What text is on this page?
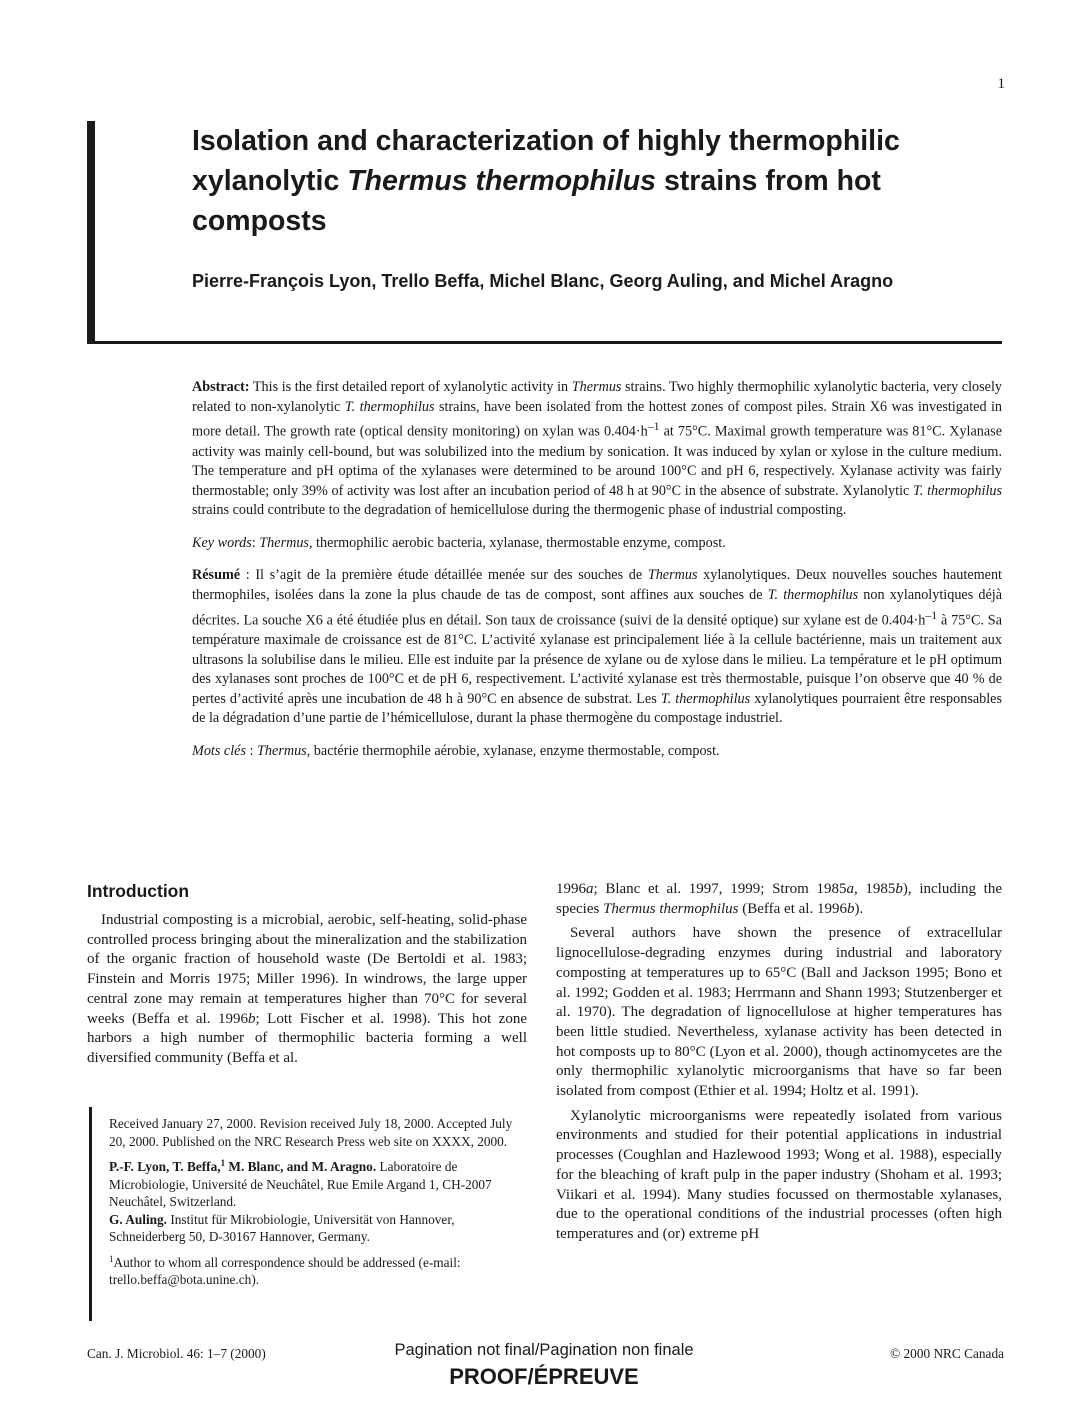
1
Isolation and characterization of highly thermophilic xylanolytic Thermus thermophilus strains from hot composts

Pierre-François Lyon, Trello Beffa, Michel Blanc, Georg Auling, and Michel Aragno

Abstract: This is the first detailed report of xylanolytic activity in Thermus strains. Two highly thermophilic xylanolytic bacteria, very closely related to non-xylanolytic T. thermophilus strains, have been isolated from the hottest zones of compost piles. Strain X6 was investigated in more detail. The growth rate (optical density monitoring) on xylan was $0.404\cdot h^{-1}$ at 75°C. Maximal growth temperature was 81°C. Xylanase activity was mainly cell-bound, but was solubilized into the medium by sonication. It was induced by xylan or xylose in the culture medium. The temperature and pH optima of the xylanases were determined to be around 100°C and pH 6, respectively. Xylanase activity was fairly thermostable; only 39% of activity was lost after an incubation period of 48 h at 90°C in the absence of substrate. Xylanolytic T. thermophilus strains could contribute to the degradation of hemicellulose during the thermogenic phase of industrial composting.

Key words: Thermus, thermophilic aerobic bacteria, xylanase, thermostable enzyme, compost.

Résumé : Il s’agit de la première étude détaillée menée sur des souches de Thermus xylanolytiques. Deux nouvelles souches hautement thermophiles, isolées dans la zone la plus chaude de tas de compost, sont affines aux souches de T. thermophilus non xylanolytiques déjà décrites. La souche X6 a été étudiée plus en détail. Son taux de croissance (suivi de la densité optique) sur xylane est de $0.404\cdot h^{-1}$ à 75°C. Sa température maximale de croissance est de 81°C. L’activité xylanase est principalement liée à la cellule bactérienne, mais un traitement aux ultrasons la solubilise dans le milieu. Elle est induite par la présence de xylane ou de xylose dans le milieu. La température et le pH optimum des xylanases sont proches de 100°C et de pH 6, respectivement. L’activité xylanase est très thermostable, puisque l’on observe que 40 % de pertes d’activité après une incubation de 48 h à 90°C en absence de substrat. Les T. thermophilus xylanolytiques pourraient être responsables de la dégradation d’une partie de l’hémicellulose, durant la phase thermogène du compostage industriel.

Mots clés : Thermus, bactérie thermophile aérobie, xylanase, enzyme thermostable, compost.

Introduction

Industrial composting is a microbial, aerobic, self-heating, solid-phase controlled process bringing about the mineralization and the stabilization of the organic fraction of household waste (De Bertoldi et al. 1983; Finstein and Morris 1975; Miller 1996). In windrows, the large upper central zone may remain at temperatures higher than 70°C for several weeks (Beffa et al. 1996b; Lott Fischer et al. 1998). This hot zone harbors a high number of thermophilic bacteria forming a well diversified community (Beffa et al.

Received January 27, 2000. Revision received July 18, 2000. Accepted July 20, 2000. Published on the NRC Research Press web site on XXXX, 2000.

P.-F. Lyon, T. Beffa,$^1$ M. Blanc, and M. Aragno. Laboratoire de Microbiologie, Université de Neuchâtel, Rue Emile Argand 1, CH-2007 Neuchâtel, Switzerland.

G. Auling. Institut für Mikrobiologie, Universität von Hannover, Schneiderberg 50, D-30167 Hannover, Germany.

$^1$Author to whom all correspondence should be addressed (e-mail: trello.beffa@bota.unine.ch).

1996a; Blanc et al. 1997, 1999; Strom 1985a, 1985b), including the species Thermus thermophilus (Beffa et al. 1996b).

Several authors have shown the presence of extracellular lignocellulose-degrading enzymes during industrial and laboratory composting at temperatures up to 65°C (Ball and Jackson 1995; Bono et al. 1992; Godden et al. 1983; Herrmann and Shann 1993; Stutzenberger et al. 1970). The degradation of lignocellulose at higher temperatures has been little studied. Nevertheless, xylanase activity has been detected in hot composts up to 80°C (Lyon et al. 2000), though actinomycetes are the only thermophilic xylanolytic microorganisms that have so far been isolated from compost (Ethier et al. 1994; Holtz et al. 1991).

Xylanolytic microorganisms were repeatedly isolated from various environments and studied for their potential applications in industrial processes (Coughlan and Hazlewood 1993; Wong et al. 1988), especially for the bleaching of kraft pulp in the paper industry (Shoham et al. 1993; Viikari et al. 1994). Many studies focussed on thermostable xylanases, due to the operational conditions of the industrial processes (often high temperatures and (or) extreme pH

Can. J. Microbiol. 46: 1–7 (2000)	Pagination not final/Pagination non finale
PROOF/ÉPREUVE
© 2000 NRC Canada
